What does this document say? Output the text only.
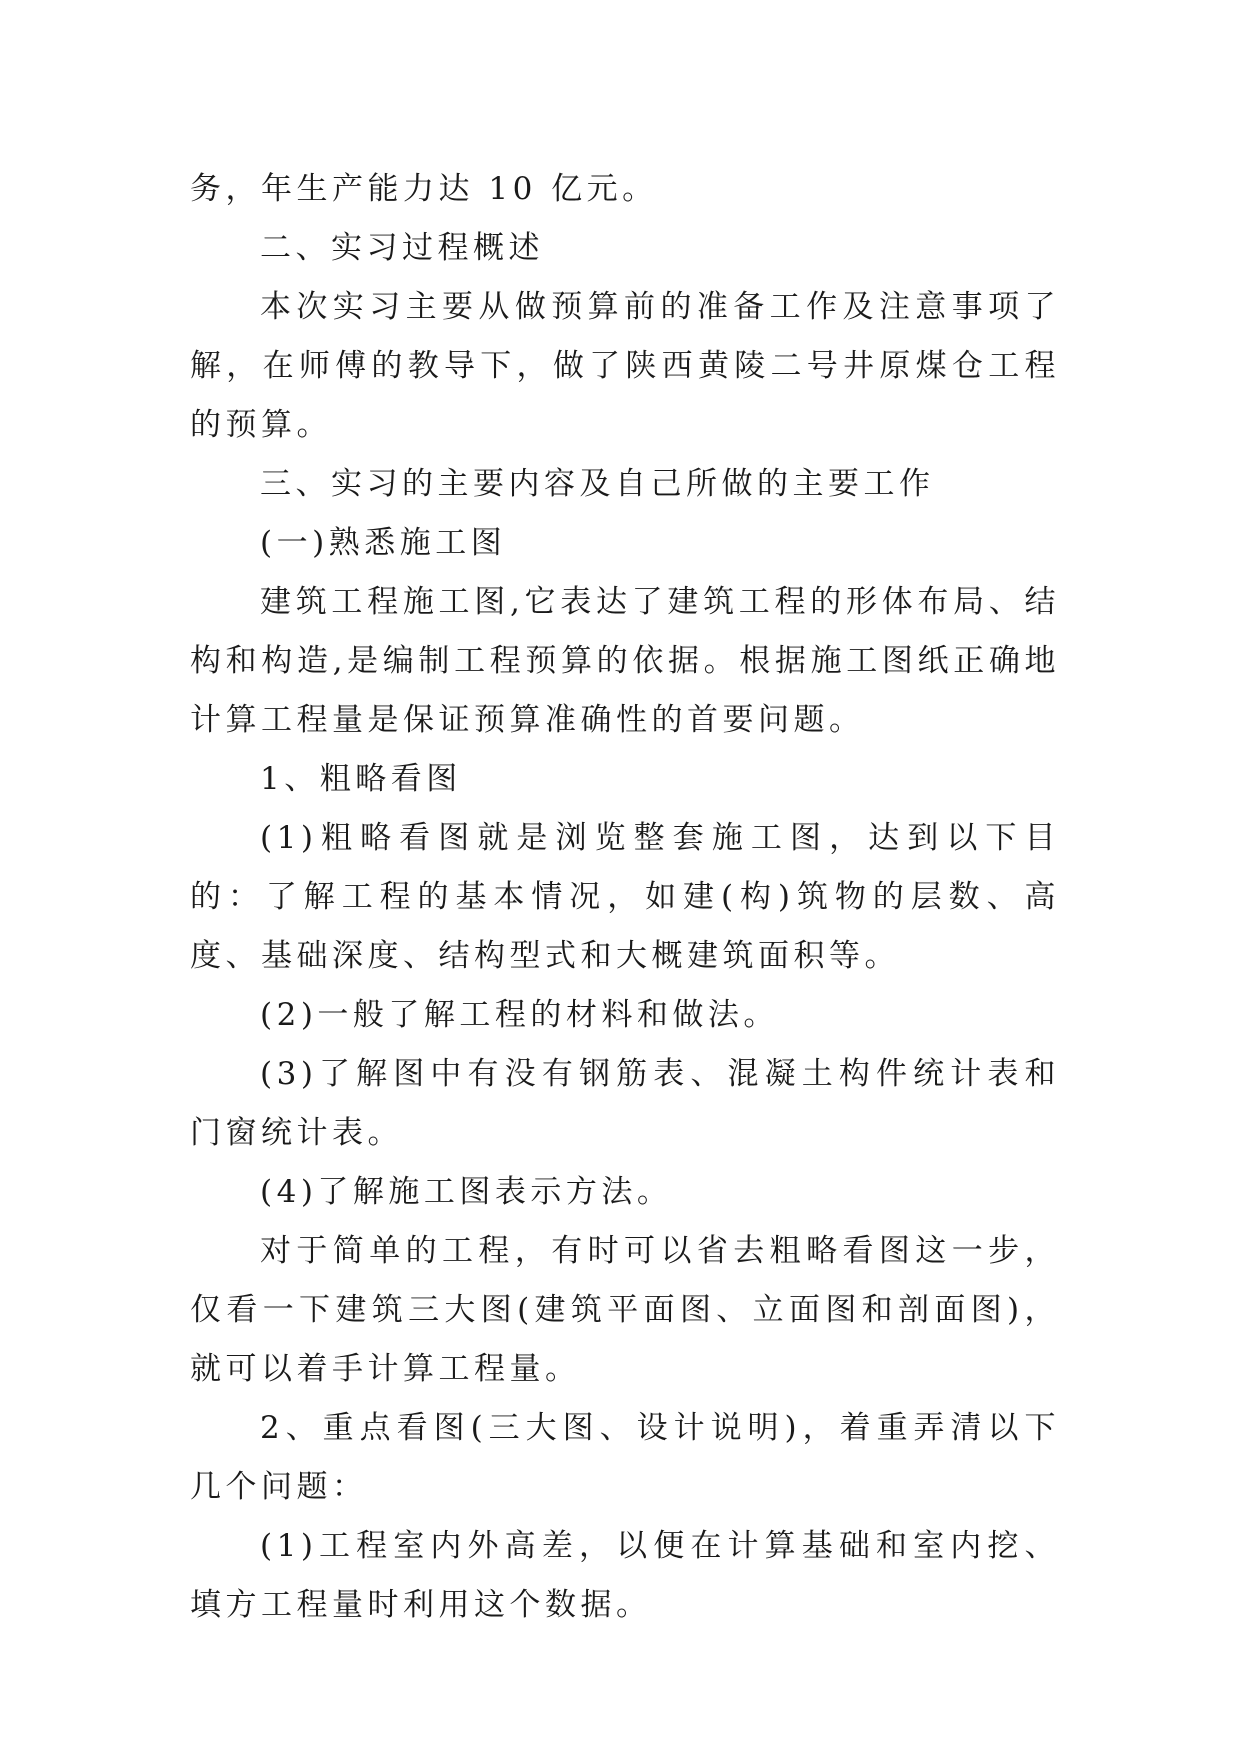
务，年生产能力达 10 亿元。

二、实习过程概述

本次实习主要从做预算前的准备工作及注意事项了解，在师傅的教导下，做了陕西黄陵二号井原煤仓工程的预算。

三、实习的主要内容及自己所做的主要工作

(一)熟悉施工图

建筑工程施工图,它表达了建筑工程的形体布局、结构和构造,是编制工程预算的依据。根据施工图纸正确地计算工程量是保证预算准确性的首要问题。

1、粗略看图

(1)粗略看图就是浏览整套施工图，达到以下目的：了解工程的基本情况，如建(构)筑物的层数、高度、基础深度、结构型式和大概建筑面积等。

(2)一般了解工程的材料和做法。

(3)了解图中有没有钢筋表、混凝土构件统计表和门窗统计表。

(4)了解施工图表示方法。

对于简单的工程，有时可以省去粗略看图这一步，仅看一下建筑三大图(建筑平面图、立面图和剖面图)，就可以着手计算工程量。

2、重点看图(三大图、设计说明)，着重弄清以下几个问题：

(1)工程室内外高差，以便在计算基础和室内挖、填方工程量时利用这个数据。
